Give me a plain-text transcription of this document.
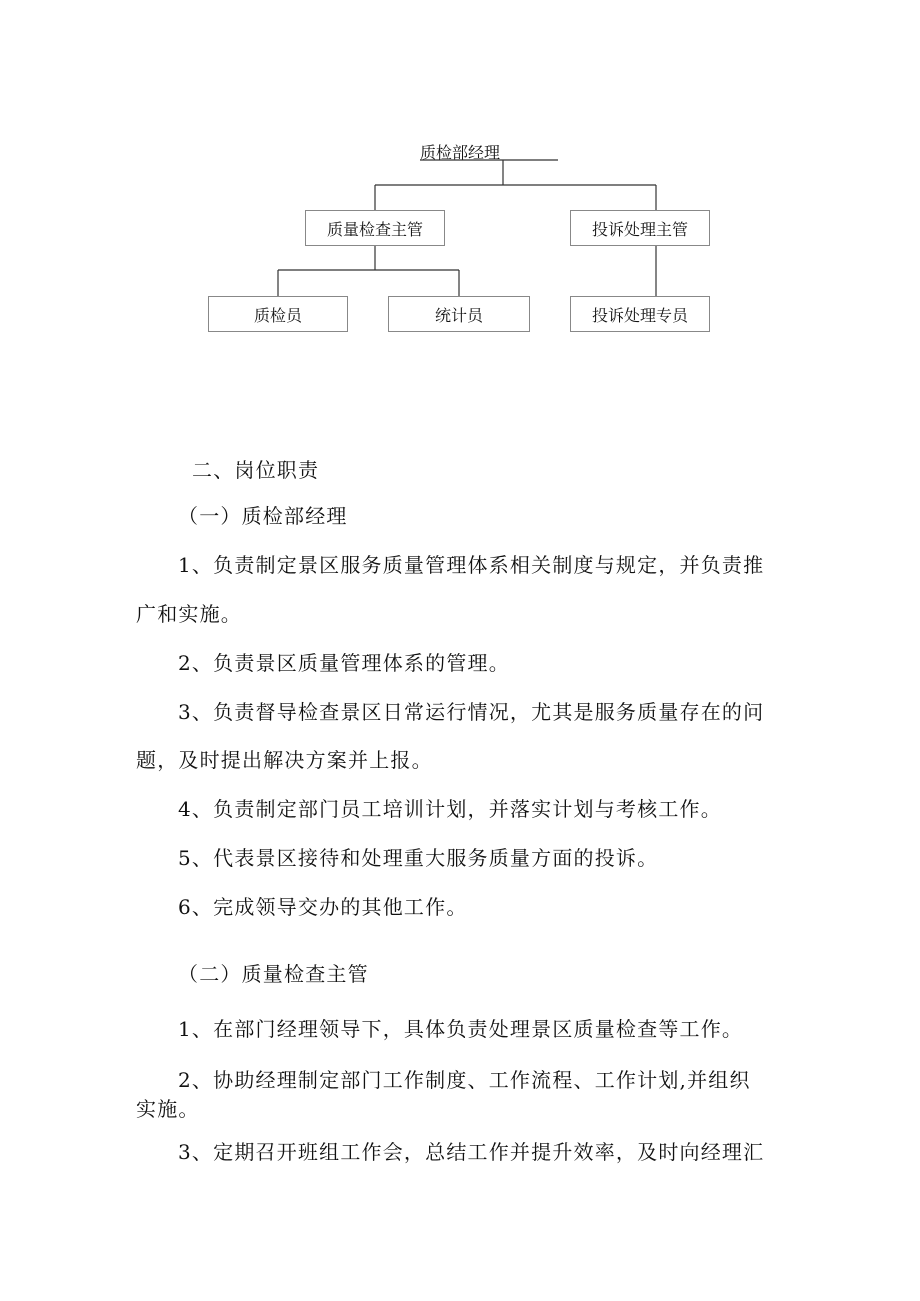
质检部经理
质量检查主管	投诉处理主管
质检员	统计员	投诉处理专员
二、岗位职责
（一）质检部经理
1、负责制定景区服务质量管理体系相关制度与规定，并负责推
广和实施。
2、负责景区质量管理体系的管理。
3、负责督导检查景区日常运行情况，尤其是服务质量存在的问
题，及时提出解决方案并上报。
4、负责制定部门员工培训计划，并落实计划与考核工作。
5、代表景区接待和处理重大服务质量方面的投诉。
6、完成领导交办的其他工作。
（二）质量检查主管
1、在部门经理领导下，具体负责处理景区质量检查等工作。
2、协助经理制定部门工作制度、工作流程、工作计划,并组织
实施。
3、定期召开班组工作会，总结工作并提升效率，及时向经理汇
